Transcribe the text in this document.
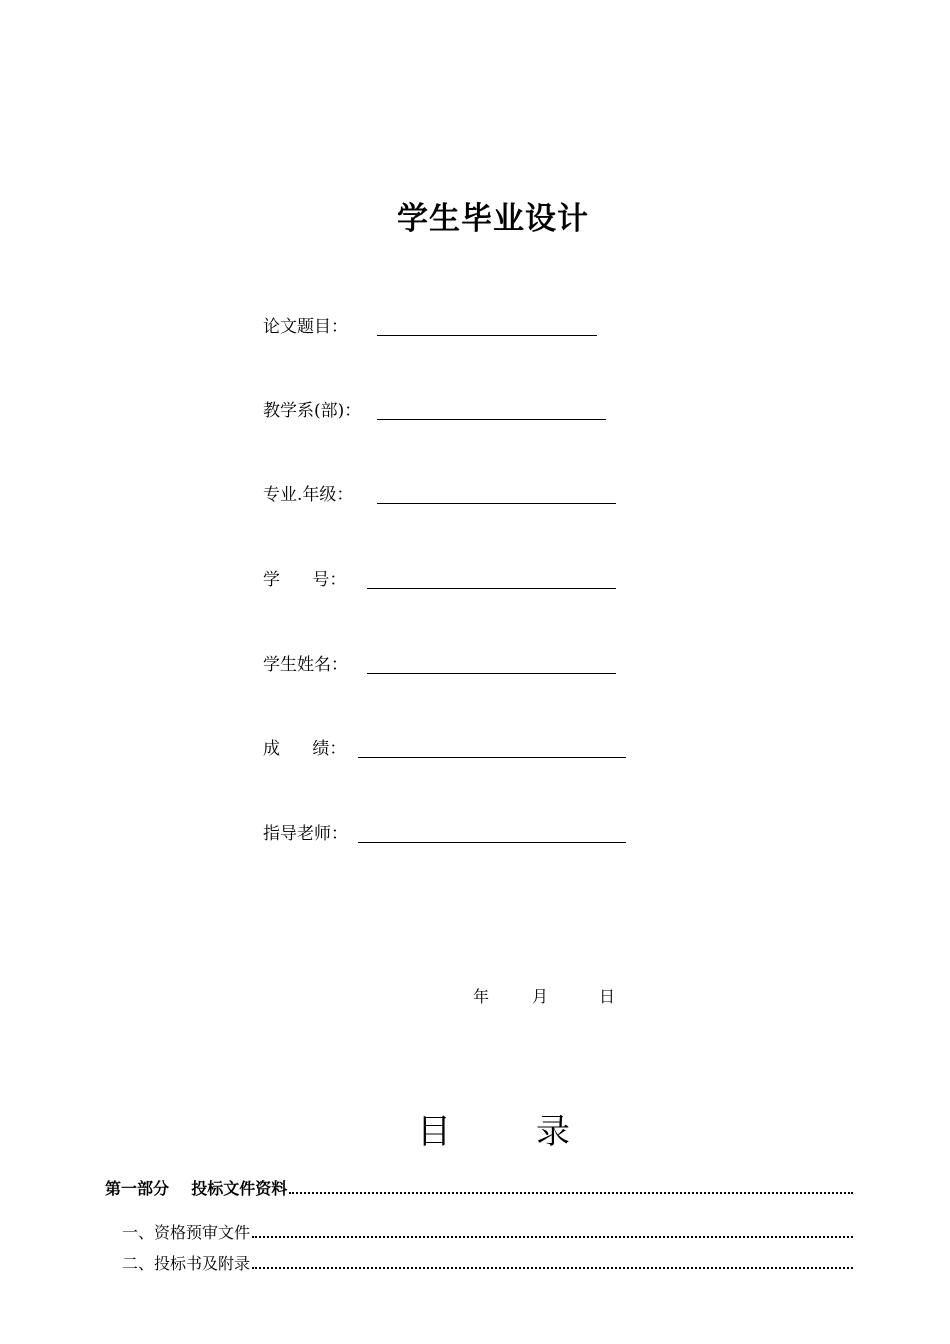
学生毕业设计
论文题目：
教学系(部)：
专业.年级：
学      号：
学生姓名：
成      绩：
指导老师：
年	月	日
目	录
第一部分    投标文件资料
一、资格预审文件
二、投标书及附录
